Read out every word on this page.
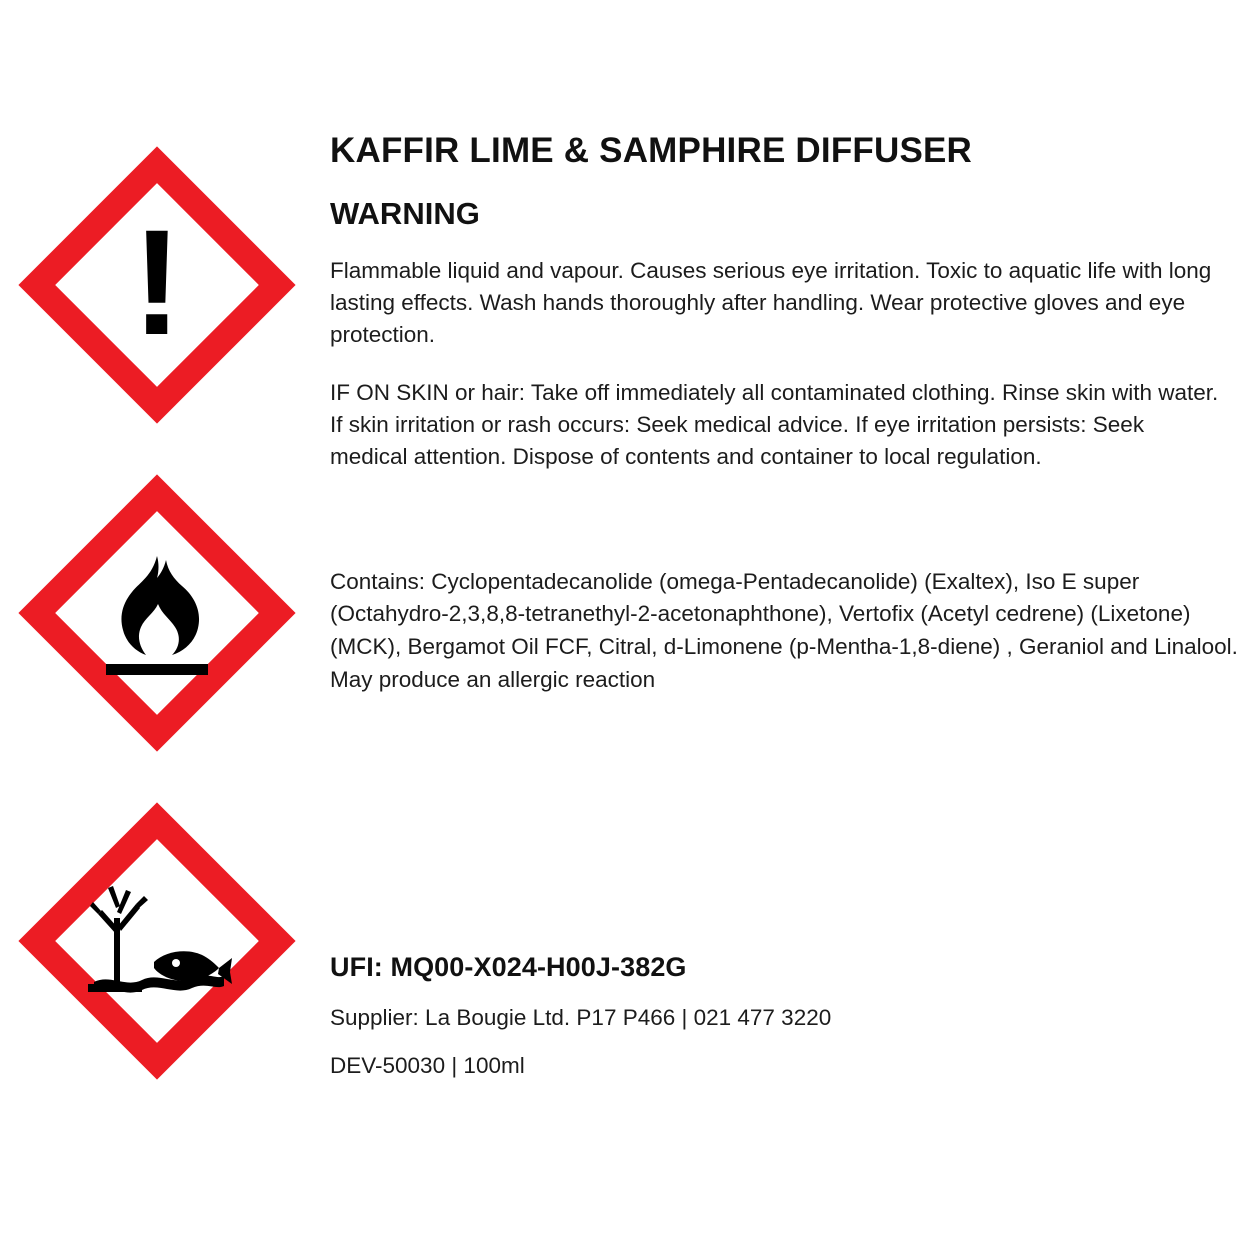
!
KAFFIR LIME & SAMPHIRE DIFFUSER
WARNING

Flammable liquid and vapour. Causes serious eye irritation. Toxic to aquatic life with long lasting effects. Wash hands thoroughly after handling. Wear protective gloves and eye protection.

IF ON SKIN or hair: Take off immediately all contaminated clothing. Rinse skin with water. If skin irritation or rash occurs: Seek medical advice. If eye irritation persists: Seek medical attention. Dispose of contents and container to local regulation.

Contains: Cyclopentadecanolide (omega-Pentadecanolide) (Exaltex), Iso E super (Octahydro-2,3,8,8-tetranethyl-2-acetonaphthone), Vertofix (Acetyl cedrene) (Lixetone) (MCK), Bergamot Oil FCF, Citral, d-Limonene (p-Mentha-1,8-diene) , Geraniol and Linalool. May produce an allergic reaction

UFI: MQ00-X024-H00J-382G

Supplier: La Bougie Ltd. P17 P466 | 021 477 3220

DEV-50030 | 100ml
